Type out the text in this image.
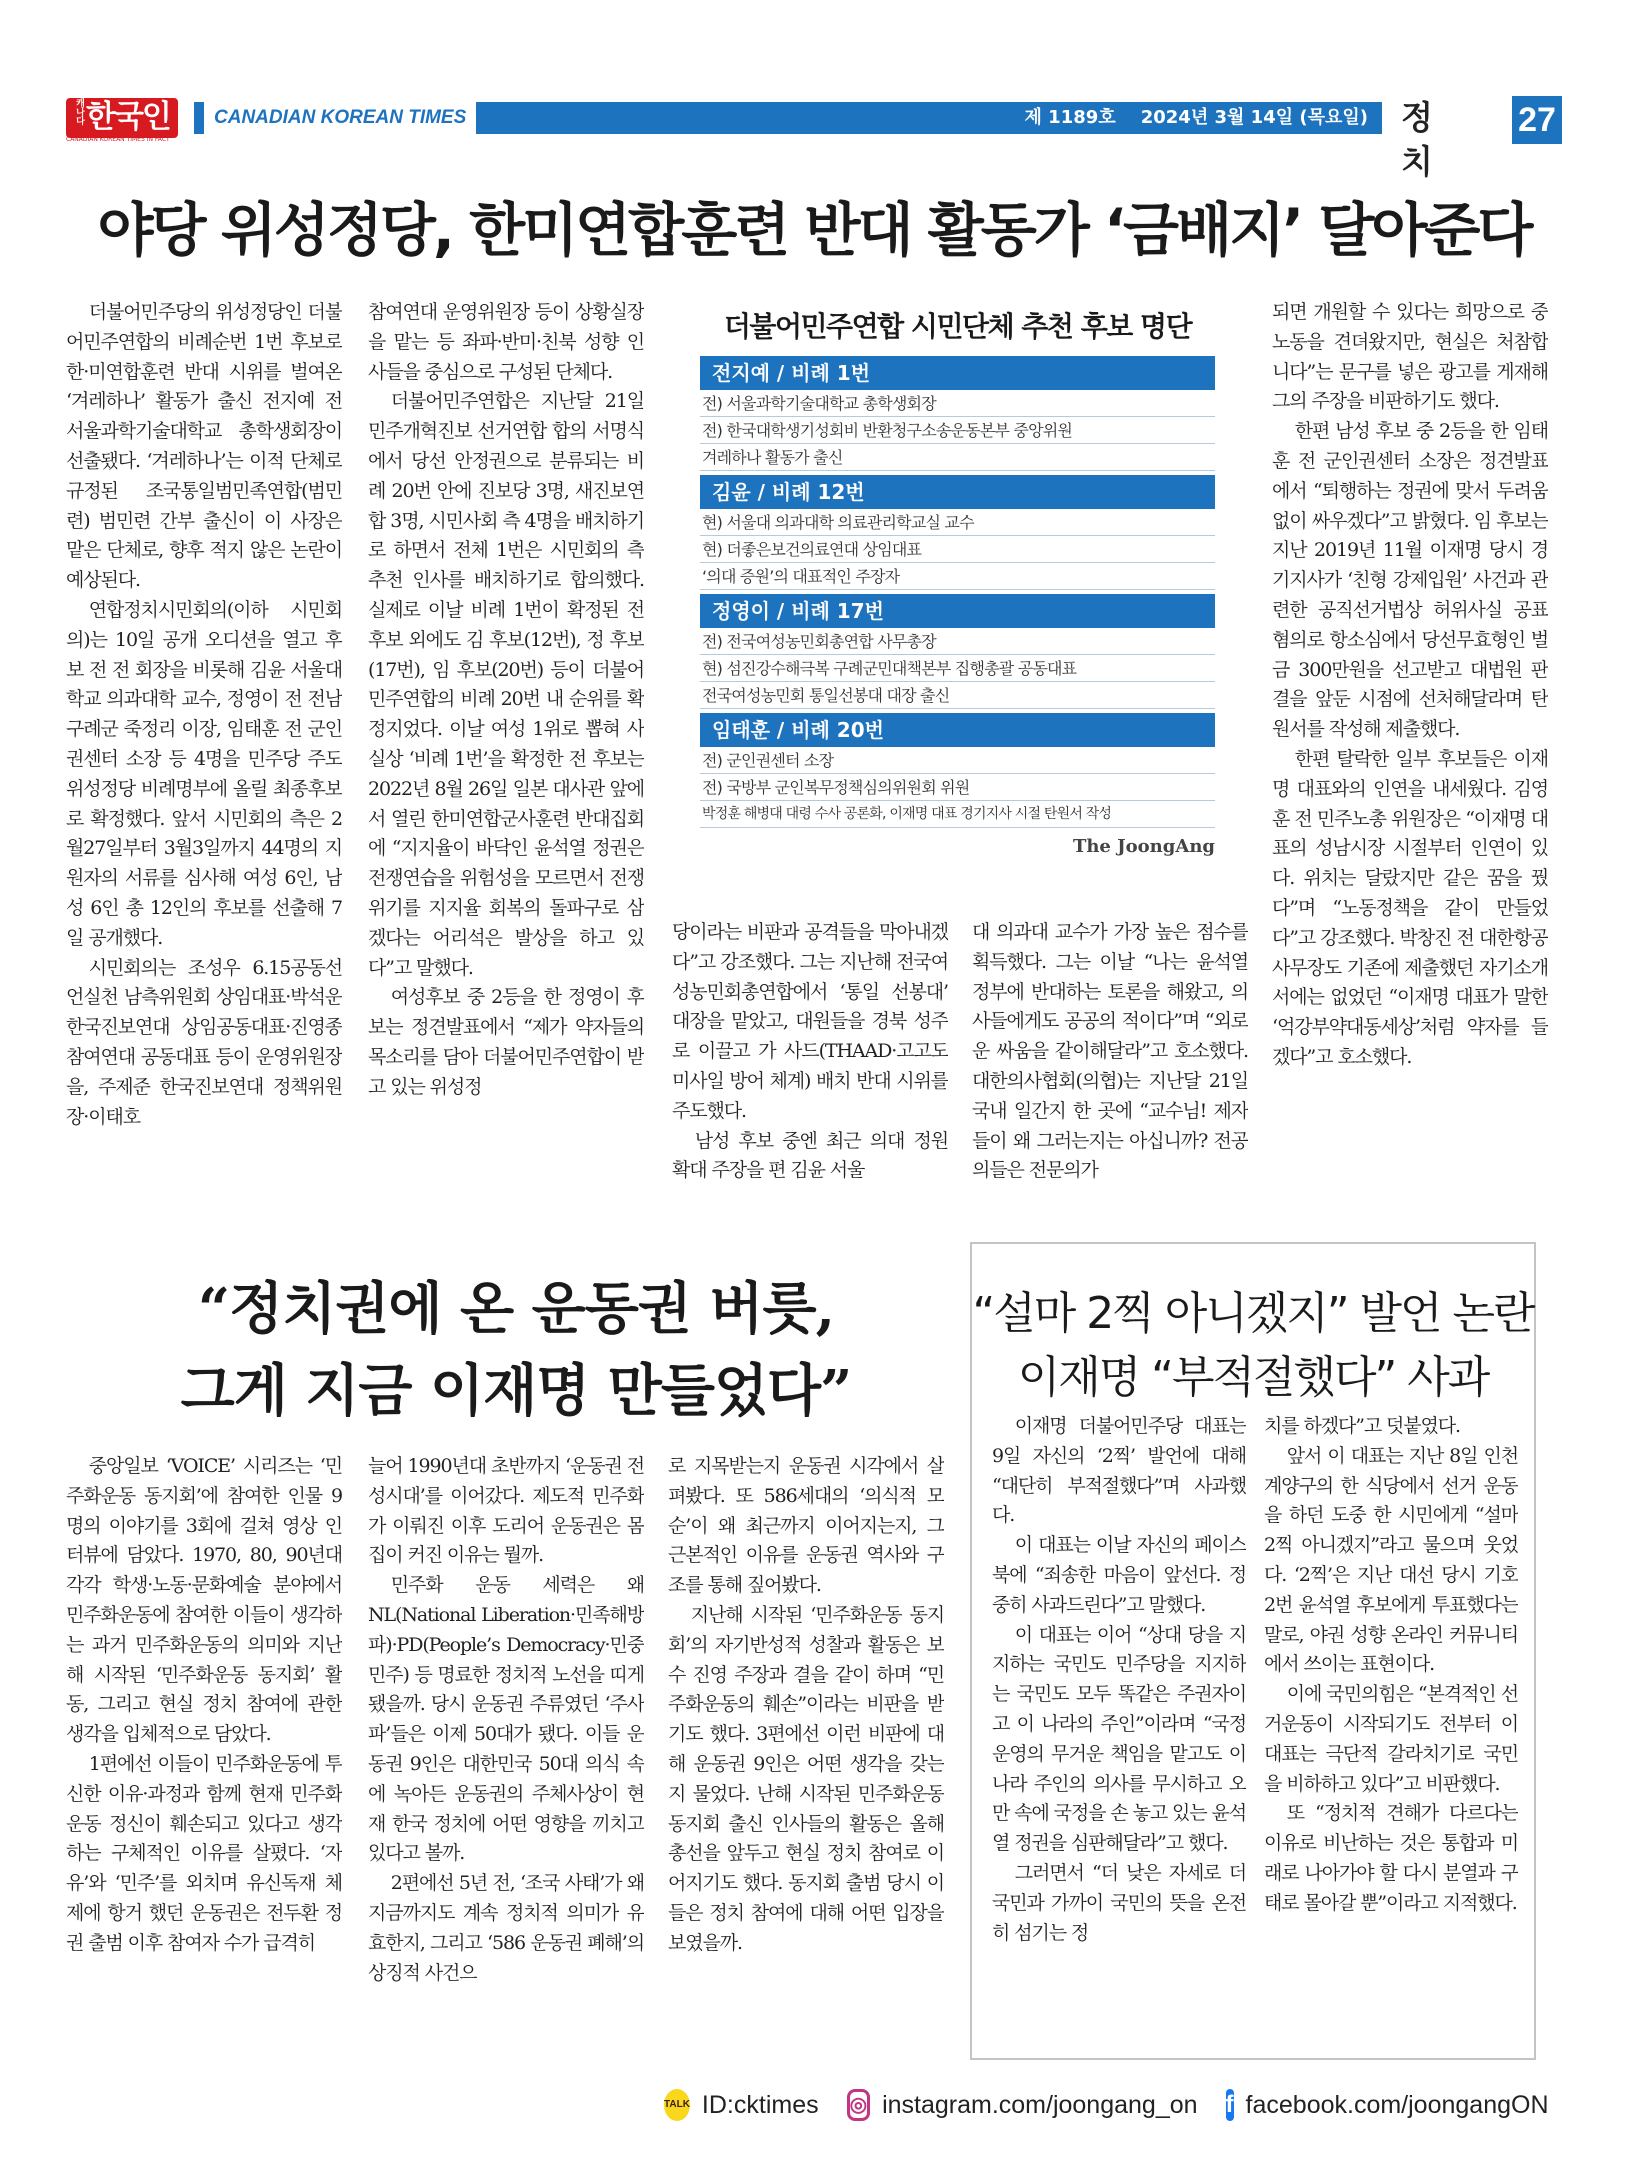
캐나다한국인
CANADIAN KOREAN TIMES IN FACT
CANADIAN KOREAN TIMES	제 1189호 2024년 3월 14일 (목요일)	정 치
27
야당 위성정당, 한미연합훈련 반대 활동가 ‘금배지’ 달아준다

더불어민주당의 위성정당인 더불어민주연합의 비례순번 1번 후보로 한·미연합훈련 반대 시위를 벌여온 ‘겨레하나’ 활동가 출신 전지예 전 서울과학기술대학교 총학생회장이 선출됐다. ‘겨레하나’는 이적 단체로 규정된 조국통일범민족연합(범민련) 범민련 간부 출신이 이 사장은 맡은 단체로, 향후 적지 않은 논란이 예상된다.

연합정치시민회의(이하 시민회의)는 10일 공개 오디션을 열고 후보 전 전 회장을 비롯해 김윤 서울대학교 의과대학 교수, 정영이 전 전남 구례군 죽정리 이장, 임태훈 전 군인권센터 소장 등 4명을 민주당 주도 위성정당 비례명부에 올릴 최종후보로 확정했다. 앞서 시민회의 측은 2월27일부터 3월3일까지 44명의 지원자의 서류를 심사해 여성 6인, 남성 6인 총 12인의 후보를 선출해 7일 공개했다.

시민회의는 조성우 6.15공동선언실천 남측위원회 상임대표·박석운 한국진보연대 상임공동대표·진영종 참여연대 공동대표 등이 운영위원장을, 주제준 한국진보연대 정책위원장·이태호

참여연대 운영위원장 등이 상황실장을 맡는 등 좌파·반미·친북 성향 인사들을 중심으로 구성된 단체다.

더불어민주연합은 지난달 21일 민주개혁진보 선거연합 합의 서명식에서 당선 안정권으로 분류되는 비례 20번 안에 진보당 3명, 새진보연합 3명, 시민사회 측 4명을 배치하기로 하면서 전체 1번은 시민회의 측 추천 인사를 배치하기로 합의했다. 실제로 이날 비례 1번이 확정된 전 후보 외에도 김 후보(12번), 정 후보(17번), 임 후보(20번) 등이 더불어민주연합의 비례 20번 내 순위를 확정지었다. 이날 여성 1위로 뽑혀 사실상 ‘비례 1번’을 확정한 전 후보는 2022년 8월 26일 일본 대사관 앞에서 열린 한미연합군사훈련 반대집회에 “지지율이 바닥인 윤석열 정권은 전쟁연습을 위험성을 모르면서 전쟁 위기를 지지율 회복의 돌파구로 삼겠다는 어리석은 발상을 하고 있다”고 말했다.

여성후보 중 2등을 한 정영이 후보는 정견발표에서 “제가 약자들의 목소리를 담아 더불어민주연합이 받고 있는 위성정

더불어민주연합 시민단체 추천 후보 명단
전지예 / 비례 1번
전) 서울과학기술대학교 총학생회장
전) 한국대학생기성회비 반환청구소송운동본부 중앙위원
겨레하나 활동가 출신
김윤 / 비례 12번
현) 서울대 의과대학 의료관리학교실 교수
현) 더좋은보건의료연대 상임대표
‘의대 증원’의 대표적인 주장자
정영이 / 비례 17번
전) 전국여성농민회총연합 사무총장
현) 섬진강수해극복 구례군민대책본부 집행총괄 공동대표
전국여성농민회 통일선봉대 대장 출신
임태훈 / 비례 20번
전) 군인권센터 소장
전) 국방부 군인복무정책심의위원회 위원
박정훈 해병대 대령 수사 공론화, 이재명 대표 경기지사 시절 탄원서 작성
The JoongAng

당이라는 비판과 공격들을 막아내겠다”고 강조했다. 그는 지난해 전국여성농민회총연합에서 ‘통일 선봉대’ 대장을 맡았고, 대원들을 경북 성주로 이끌고 가 사드(THAAD·고고도 미사일 방어 체계) 배치 반대 시위를 주도했다.

남성 후보 중엔 최근 의대 정원 확대 주장을 편 김윤 서울

대 의과대 교수가 가장 높은 점수를 획득했다. 그는 이날 “나는 윤석열 정부에 반대하는 토론을 해왔고, 의사들에게도 공공의 적이다”며 “외로운 싸움을 같이해달라”고 호소했다. 대한의사협회(의협)는 지난달 21일 국내 일간지 한 곳에 “교수님! 제자들이 왜 그러는지는 아십니까? 전공의들은 전문의가

되면 개원할 수 있다는 희망으로 중노동을 견뎌왔지만, 현실은 처참합니다”는 문구를 넣은 광고를 게재해 그의 주장을 비판하기도 했다.

한편 남성 후보 중 2등을 한 임태훈 전 군인권센터 소장은 정견발표에서 “퇴행하는 정권에 맞서 두려움 없이 싸우겠다”고 밝혔다. 임 후보는 지난 2019년 11월 이재명 당시 경기지사가 ‘친형 강제입원’ 사건과 관련한 공직선거법상 허위사실 공표 혐의로 항소심에서 당선무효형인 벌금 300만원을 선고받고 대법원 판결을 앞둔 시점에 선처해달라며 탄원서를 작성해 제출했다.

한편 탈락한 일부 후보들은 이재명 대표와의 인연을 내세웠다. 김영훈 전 민주노총 위원장은 “이재명 대표의 성남시장 시절부터 인연이 있다. 위치는 달랐지만 같은 꿈을 꿨다”며 “노동정책을 같이 만들었다”고 강조했다. 박창진 전 대한항공 사무장도 기존에 제출했던 자기소개서에는 없었던 “이재명 대표가 말한 ‘억강부약대동세상’처럼 약자를 들겠다”고 호소했다.

“정치권에 온 운동권 버릇,
그게 지금 이재명 만들었다”

중앙일보 ‘VOICE’ 시리즈는 ‘민주화운동 동지회’에 참여한 인물 9명의 이야기를 3회에 걸쳐 영상 인터뷰에 담았다. 1970, 80, 90년대 각각 학생·노동·문화예술 분야에서 민주화운동에 참여한 이들이 생각하는 과거 민주화운동의 의미와 지난해 시작된 ‘민주화운동 동지회’ 활동, 그리고 현실 정치 참여에 관한 생각을 입체적으로 담았다.

1편에선 이들이 민주화운동에 투신한 이유·과정과 함께 현재 민주화운동 정신이 훼손되고 있다고 생각하는 구체적인 이유를 살폈다. ‘자유’와 ‘민주’를 외치며 유신독재 체제에 항거 했던 운동권은 전두환 정권 출범 이후 참여자 수가 급격히

늘어 1990년대 초반까지 ‘운동권 전성시대’를 이어갔다. 제도적 민주화가 이뤄진 이후 도리어 운동권은 몸집이 커진 이유는 뭘까.

민주화 운동 세력은 왜 NL(National Liberation·민족해방파)·PD(People’s Democracy·민중민주) 등 명료한 정치적 노선을 띠게 됐을까. 당시 운동권 주류였던 ‘주사파’들은 이제 50대가 됐다. 이들 운동권 9인은 대한민국 50대 의식 속에 녹아든 운동권의 주체사상이 현재 한국 정치에 어떤 영향을 끼치고 있다고 볼까.

2편에선 5년 전, ‘조국 사태’가 왜 지금까지도 계속 정치적 의미가 유효한지, 그리고 ‘586 운동권 폐해’의 상징적 사건으

로 지목받는지 운동권 시각에서 살펴봤다. 또 586세대의 ‘의식적 모순’이 왜 최근까지 이어지는지, 그 근본적인 이유를 운동권 역사와 구조를 통해 짚어봤다.

지난해 시작된 ‘민주화운동 동지회’의 자기반성적 성찰과 활동은 보수 진영 주장과 결을 같이 하며 “민주화운동의 훼손”이라는 비판을 받기도 했다. 3편에선 이런 비판에 대해 운동권 9인은 어떤 생각을 갖는지 물었다. 난해 시작된 민주화운동 동지회 출신 인사들의 활동은 올해 총선을 앞두고 현실 정치 참여로 이어지기도 했다. 동지회 출범 당시 이들은 정치 참여에 대해 어떤 입장을 보였을까.

“설마 2찍 아니겠지” 발언 논란
이재명 “부적절했다” 사과

이재명 더불어민주당 대표는 9일 자신의 ‘2찍’ 발언에 대해 “대단히 부적절했다”며 사과했다.

이 대표는 이날 자신의 페이스북에 “죄송한 마음이 앞선다. 정중히 사과드린다”고 말했다.

이 대표는 이어 “상대 당을 지지하는 국민도 민주당을 지지하는 국민도 모두 똑같은 주권자이고 이 나라의 주인”이라며 “국정운영의 무거운 책임을 맡고도 이 나라 주인의 의사를 무시하고 오만 속에 국정을 손 놓고 있는 윤석열 정권을 심판해달라”고 했다.

그러면서 “더 낮은 자세로 더 국민과 가까이 국민의 뜻을 온전히 섬기는 정

치를 하겠다”고 덧붙였다.

앞서 이 대표는 지난 8일 인천 계양구의 한 식당에서 선거 운동을 하던 도중 한 시민에게 “설마 2찍 아니겠지”라고 물으며 웃었다. ‘2찍’은 지난 대선 당시 기호 2번 윤석열 후보에게 투표했다는 말로, 야권 성향 온라인 커뮤니티에서 쓰이는 표현이다.

이에 국민의힘은 “본격적인 선거운동이 시작되기도 전부터 이 대표는 극단적 갈라치기로 국민을 비하하고 있다”고 비판했다.

또 “정치적 견해가 다르다는 이유로 비난하는 것은 통합과 미래로 나아가야 할 다시 분열과 구태로 몰아갈 뿐”이라고 지적했다.

TALK ID:cktimes ◎ instagram.com/joongang_on f facebook.com/joongangON
